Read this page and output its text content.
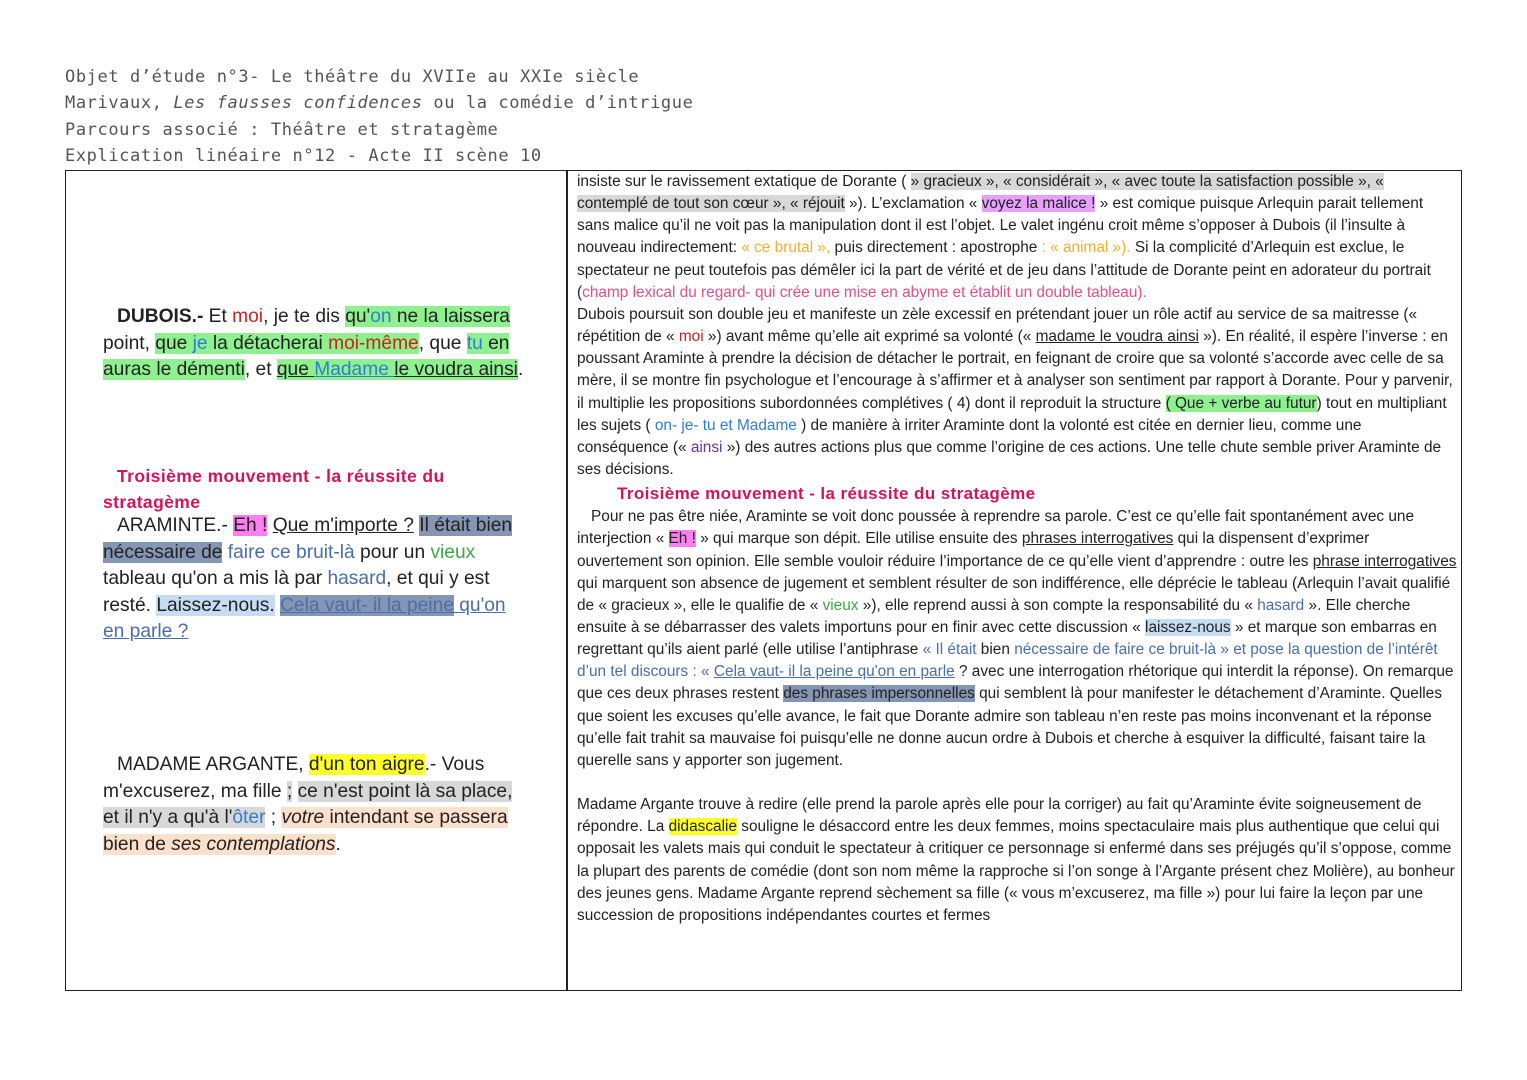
Objet d’étude n°3- Le théâtre du XVIIe au XXIe siècle
Marivaux, Les fausses confidences ou la comédie d’intrigue
Parcours associé : Théâtre et stratagème
Explication linéaire n°12 - Acte II scène 10
DUBOIS.- Et moi, je te dis qu'on ne la laissera point, que je la détacherai moi-même, que tu en auras le démenti, et que Madame le voudra ainsi.
Troisième mouvement - la réussite du stratagème
ARAMINTE.- Eh ! Que m'importe ? Il était bien nécessaire de faire ce bruit-là pour un vieux tableau qu'on a mis là par hasard, et qui y est resté. Laissez-nous. Cela vaut- il la peine qu'on en parle ?
MADAME ARGANTE, d'un ton aigre.- Vous m'excuserez, ma fille ; ce n'est point là sa place, et il n'y a qu'à l'ôter ; votre intendant se passera bien de ses contemplations.

insiste sur le ravissement extatique de Dorante ( » gracieux », « considérait », « avec toute la satisfaction possible », « contemplé de tout son cœur », « réjouit »). L’exclamation « voyez la malice ! » est comique puisque Arlequin parait tellement sans malice qu’il ne voit pas la manipulation dont il est l’objet. Le valet ingénu croit même s’opposer à Dubois (il l’insulte à nouveau indirectement: « ce brutal », puis directement : apostrophe : « animal »). Si la complicité d’Arlequin est exclue, le spectateur ne peut toutefois pas démêler ici la part de vérité et de jeu dans l’attitude de Dorante peint en adorateur du portrait (champ lexical du regard- qui crée une mise en abyme et établit un double tableau).

Dubois poursuit son double jeu et manifeste un zèle excessif en prétendant jouer un rôle actif au service de sa maitresse (« répétition de « moi ») avant même qu’elle ait exprimé sa volonté (« madame le voudra ainsi »). En réalité, il espère l’inverse : en poussant Araminte à prendre la décision de détacher le portrait, en feignant de croire que sa volonté s’accorde avec celle de sa mère, il se montre fin psychologue et l’encourage à s’affirmer et à analyser son sentiment par rapport à Dorante. Pour y parvenir, il multiplie les propositions subordonnées complétives ( 4) dont il reproduit la structure ( Que + verbe au futur) tout en multipliant les sujets ( on- je- tu et Madame ) de manière à irriter Araminte dont la volonté est citée en dernier lieu, comme une conséquence (« ainsi ») des autres actions plus que comme l’origine de ces actions. Une telle chute semble priver Araminte de ses décisions.

Troisième mouvement - la réussite du stratagème

Pour ne pas être niée, Araminte se voit donc poussée à reprendre sa parole. C’est ce qu’elle fait spontanément avec une interjection « Eh ! » qui marque son dépit. Elle utilise ensuite des phrases interrogatives qui la dispensent d’exprimer ouvertement son opinion. Elle semble vouloir réduire l’importance de ce qu’elle vient d’apprendre : outre les phrase interrogatives qui marquent son absence de jugement et semblent résulter de son indifférence, elle déprécie le tableau (Arlequin l’avait qualifié de « gracieux », elle le qualifie de « vieux »), elle reprend aussi à son compte la responsabilité du « hasard ». Elle cherche ensuite à se débarrasser des valets importuns pour en finir avec cette discussion « laissez-nous » et marque son embarras en regrettant qu’ils aient parlé (elle utilise l’antiphrase « Il était bien nécessaire de faire ce bruit-là » et pose la question de l’intérêt d’un tel discours : « Cela vaut- il la peine qu'on en parle ? avec une interrogation rhétorique qui interdit la réponse). On remarque que ces deux phrases restent des phrases impersonnelles qui semblent là pour manifester le détachement d’Araminte. Quelles que soient les excuses qu’elle avance, le fait que Dorante admire son tableau n’en reste pas moins inconvenant et la réponse qu’elle fait trahit sa mauvaise foi puisqu’elle ne donne aucun ordre à Dubois et cherche à esquiver la difficulté, faisant taire la querelle sans y apporter son jugement.

Madame Argante trouve à redire (elle prend la parole après elle pour la corriger) au fait qu’Araminte évite soigneusement de répondre. La didascalie souligne le désaccord entre les deux femmes, moins spectaculaire mais plus authentique que celui qui opposait les valets mais qui conduit le spectateur à critiquer ce personnage si enfermé dans ses préjugés qu’il s’oppose, comme la plupart des parents de comédie (dont son nom même la rapproche si l’on songe à l’Argante présent chez Molière), au bonheur des jeunes gens. Madame Argante reprend sèchement sa fille (« vous m’excuserez, ma fille ») pour lui faire la leçon par une succession de propositions indépendantes courtes et fermes
